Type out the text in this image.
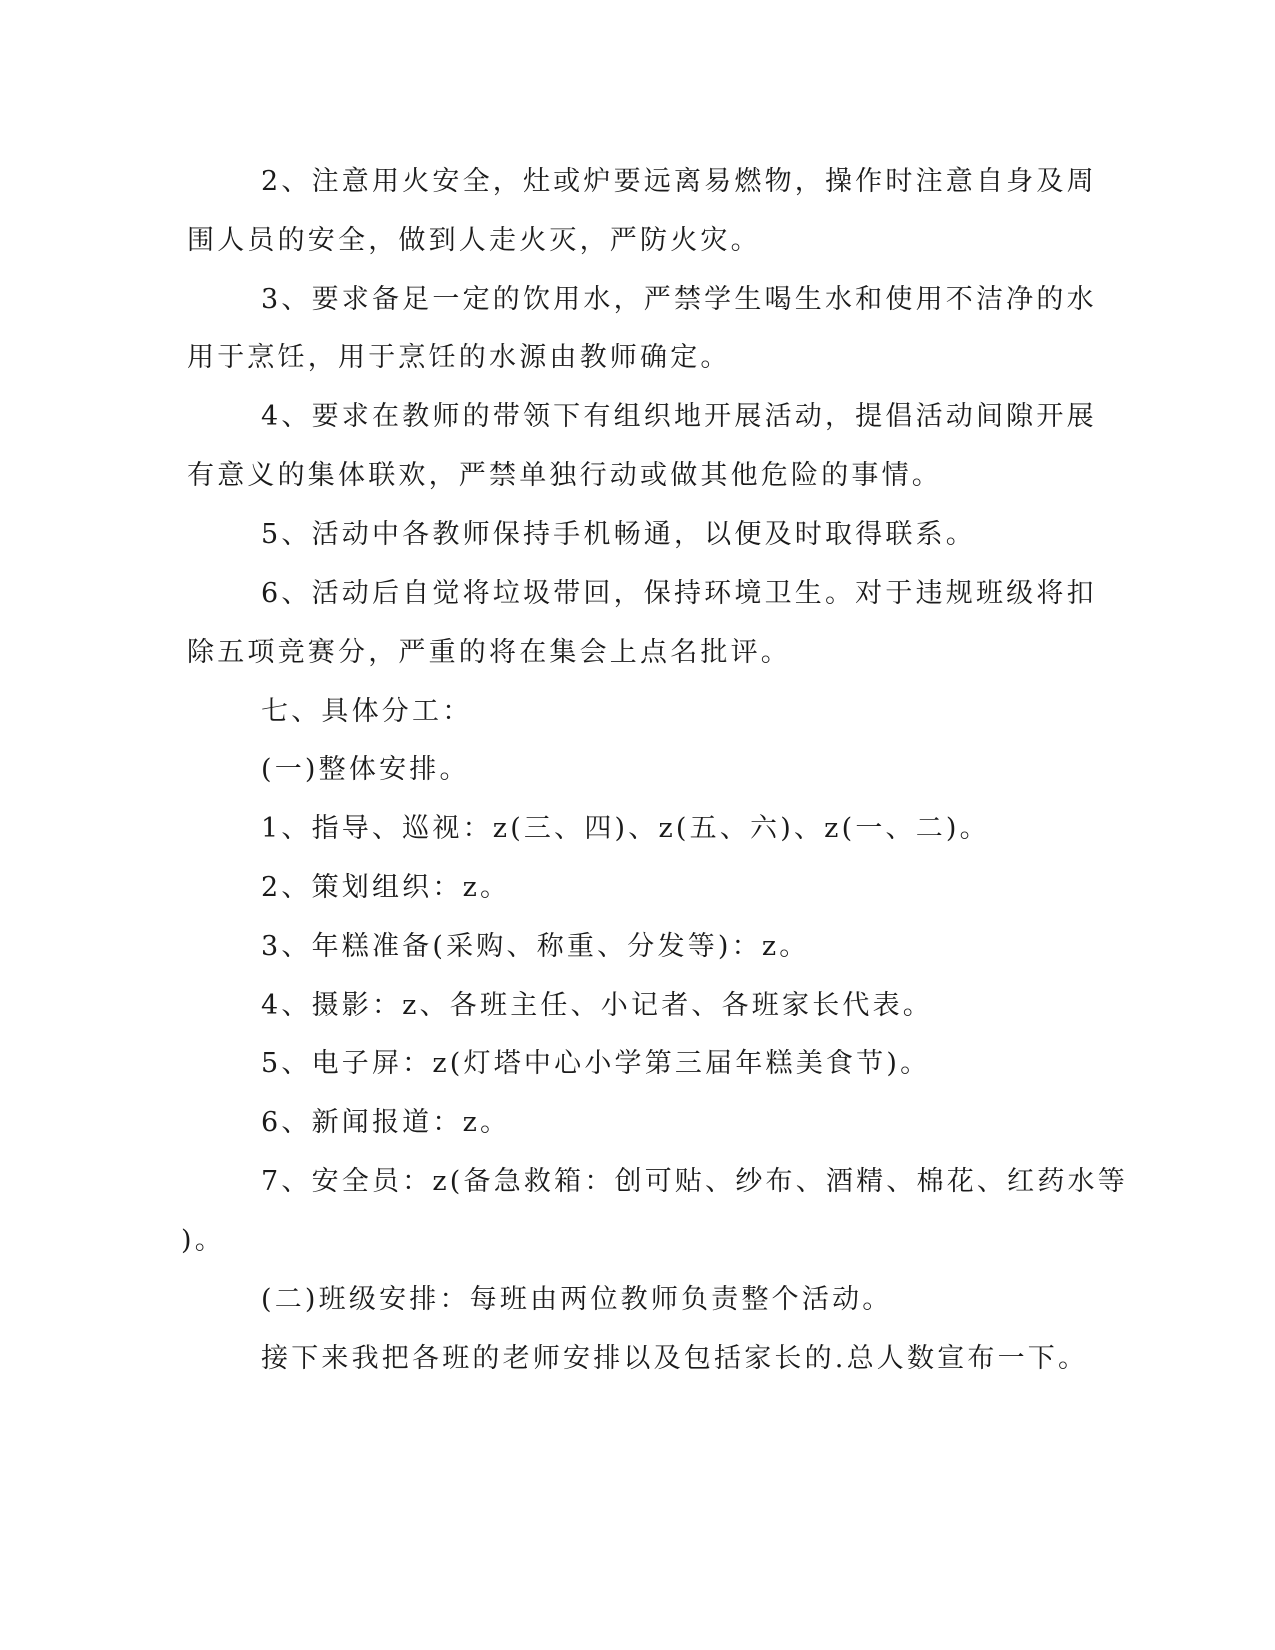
2、注意用火安全，灶或炉要远离易燃物，操作时注意自身及周
围人员的安全，做到人走火灭，严防火灾。
3、要求备足一定的饮用水，严禁学生喝生水和使用不洁净的水
用于烹饪，用于烹饪的水源由教师确定。
4、要求在教师的带领下有组织地开展活动，提倡活动间隙开展
有意义的集体联欢，严禁单独行动或做其他危险的事情。
5、活动中各教师保持手机畅通，以便及时取得联系。
6、活动后自觉将垃圾带回，保持环境卫生。对于违规班级将扣
除五项竞赛分，严重的将在集会上点名批评。
七、具体分工：
(一)整体安排。
1、指导、巡视：z(三、四)、z(五、六)、z(一、二)。
2、策划组织：z。
3、年糕准备(采购、称重、分发等)：z。
4、摄影：z、各班主任、小记者、各班家长代表。
5、电子屏：z(灯塔中心小学第三届年糕美食节)。
6、新闻报道：z。
7、安全员：z(备急救箱：创可贴、纱布、酒精、棉花、红药水等
)。
(二)班级安排：每班由两位教师负责整个活动。
接下来我把各班的老师安排以及包括家长的.总人数宣布一下。
